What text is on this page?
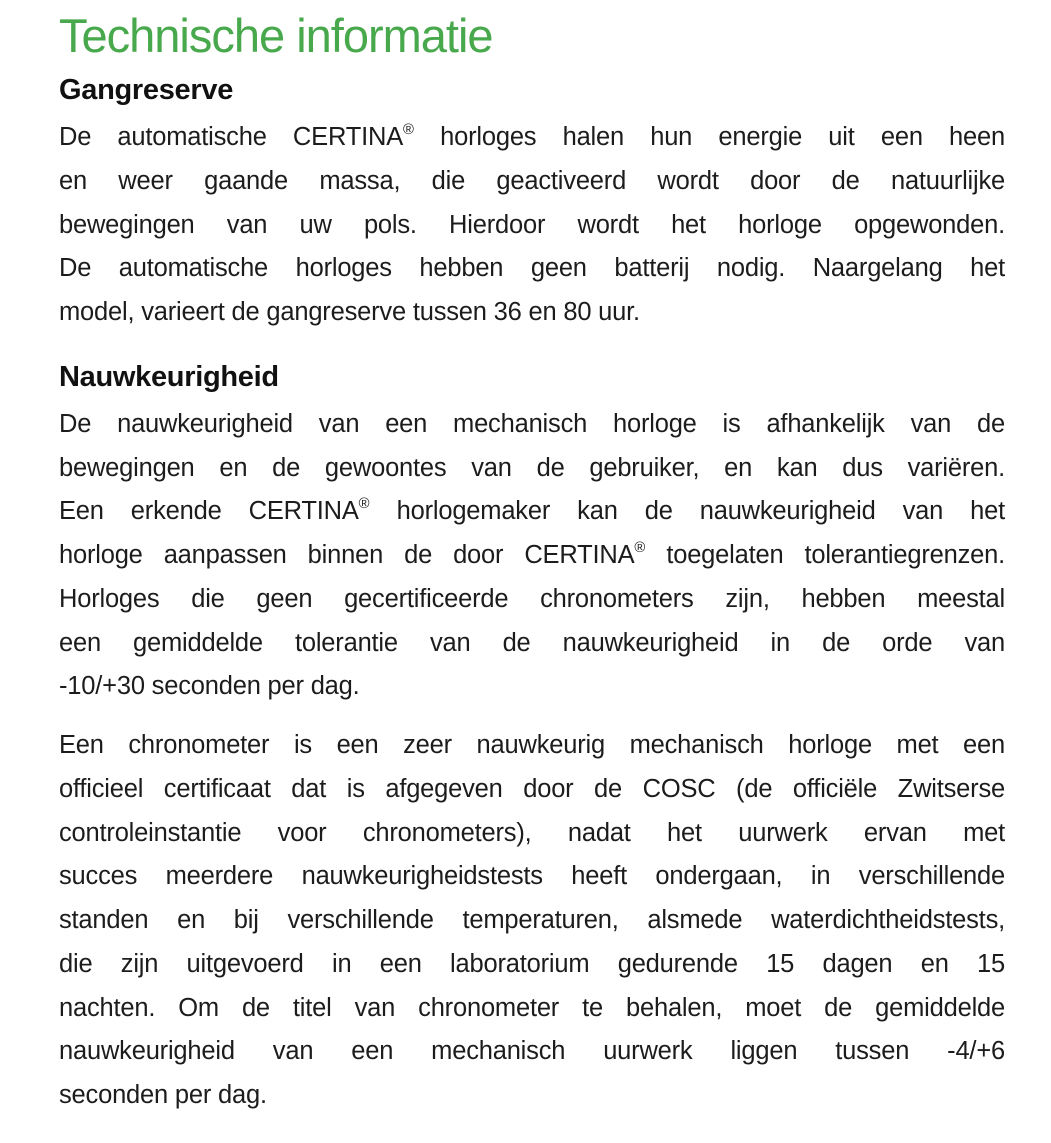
Technische informatie
Gangreserve
De automatische CERTINA® horloges halen hun energie uit een heen
en weer gaande massa, die geactiveerd wordt door de natuurlijke
bewegingen van uw pols. Hierdoor wordt het horloge opgewonden.
De automatische horloges hebben geen batterij nodig. Naargelang het
model, varieert de gangreserve tussen 36 en 80 uur.
Nauwkeurigheid
De nauwkeurigheid van een mechanisch horloge is afhankelijk van de
bewegingen en de gewoontes van de gebruiker, en kan dus variëren.
Een erkende CERTINA® horlogemaker kan de nauwkeurigheid van het
horloge aanpassen binnen de door CERTINA® toegelaten tolerantiegrenzen.
Horloges die geen gecertificeerde chronometers zijn, hebben meestal
een gemiddelde tolerantie van de nauwkeurigheid in de orde van
-10/+30 seconden per dag.
Een chronometer is een zeer nauwkeurig mechanisch horloge met een
officieel certificaat dat is afgegeven door de COSC (de officiële Zwitserse
controleinstantie voor chronometers), nadat het uurwerk ervan met
succes meerdere nauwkeurigheidstests heeft ondergaan, in verschillende
standen en bij verschillende temperaturen, alsmede waterdichtheidstests,
die zijn uitgevoerd in een laboratorium gedurende 15 dagen en 15
nachten. Om de titel van chronometer te behalen, moet de gemiddelde
nauwkeurigheid van een mechanisch uurwerk liggen tussen -4/+6
seconden per dag.
